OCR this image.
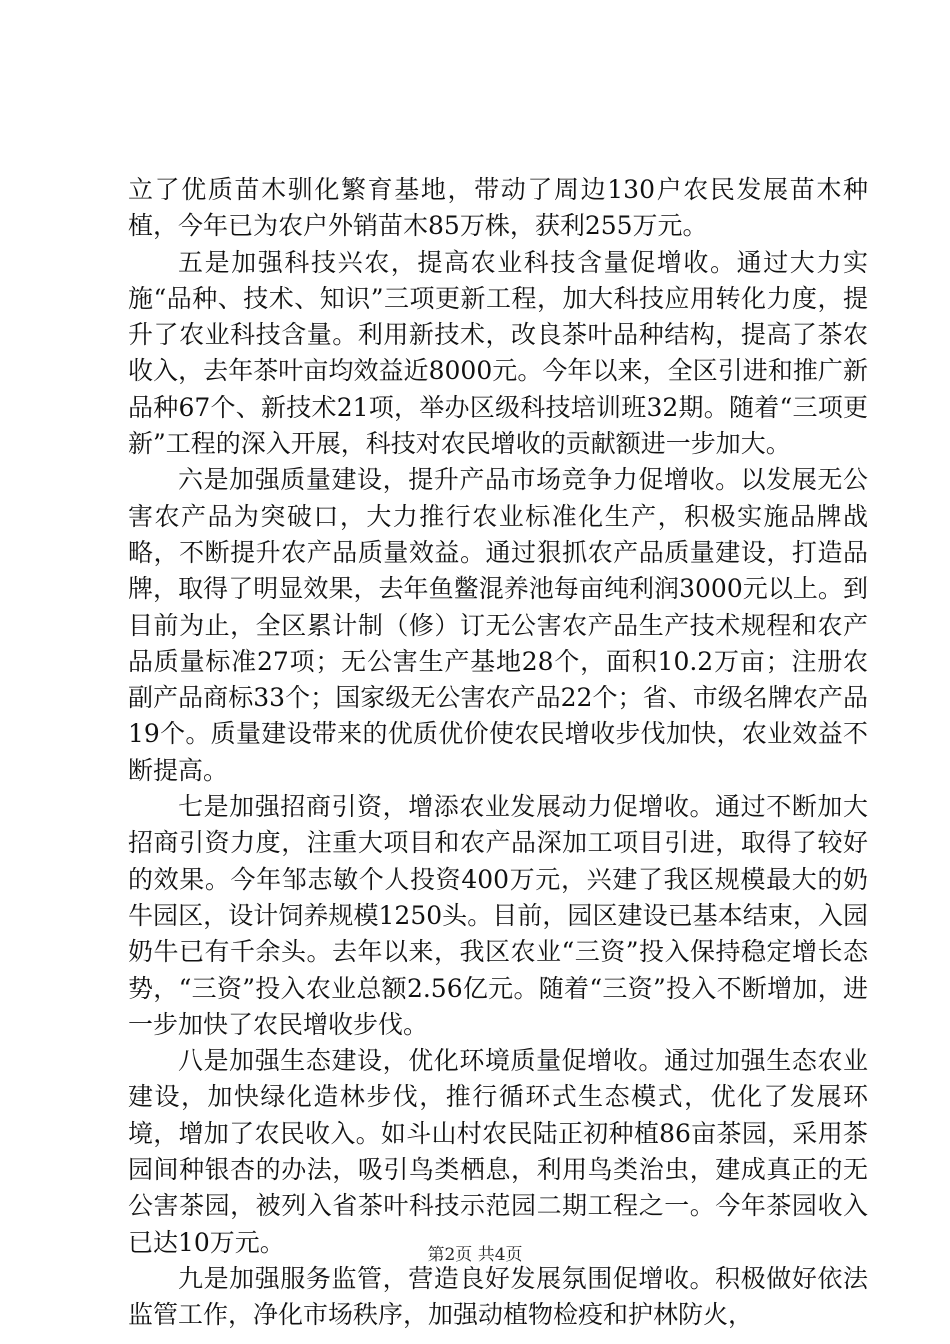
立了优质苗木驯化繁育基地，带动了周边130户农民发展苗木种植，今年已为农户外销苗木85万株，获利255万元。

五是加强科技兴农，提高农业科技含量促增收。通过大力实施“品种、技术、知识”三项更新工程，加大科技应用转化力度，提升了农业科技含量。利用新技术，改良茶叶品种结构，提高了茶农收入，去年茶叶亩均效益近8000元。今年以来，全区引进和推广新品种67个、新技术21项，举办区级科技培训班32期。随着“三项更新”工程的深入开展，科技对农民增收的贡献额进一步加大。

六是加强质量建设，提升产品市场竞争力促增收。以发展无公害农产品为突破口，大力推行农业标准化生产，积极实施品牌战略，不断提升农产品质量效益。通过狠抓农产品质量建设，打造品牌，取得了明显效果，去年鱼鳖混养池每亩纯利润3000元以上。到目前为止，全区累计制（修）订无公害农产品生产技术规程和农产品质量标准27项；无公害生产基地28个，面积10.2万亩；注册农副产品商标33个；国家级无公害农产品22个；省、市级名牌农产品19个。质量建设带来的优质优价使农民增收步伐加快，农业效益不断提高。

七是加强招商引资，增添农业发展动力促增收。通过不断加大招商引资力度，注重大项目和农产品深加工项目引进，取得了较好的效果。今年邹志敏个人投资400万元，兴建了我区规模最大的奶牛园区，设计饲养规模1250头。目前，园区建设已基本结束，入园奶牛已有千余头。去年以来，我区农业“三资”投入保持稳定增长态势，“三资”投入农业总额2.56亿元。随着“三资”投入不断增加，进一步加快了农民增收步伐。

八是加强生态建设，优化环境质量促增收。通过加强生态农业建设，加快绿化造林步伐，推行循环式生态模式，优化了发展环境，增加了农民收入。如斗山村农民陆正初种植86亩茶园，采用茶园间种银杏的办法，吸引鸟类栖息，利用鸟类治虫，建成真正的无公害茶园，被列入省茶叶科技示范园二期工程之一。今年茶园收入已达10万元。

九是加强服务监管，营造良好发展氛围促增收。积极做好依法监管工作，净化市场秩序，加强动植物检疫和护林防火，

第2页 共4页
